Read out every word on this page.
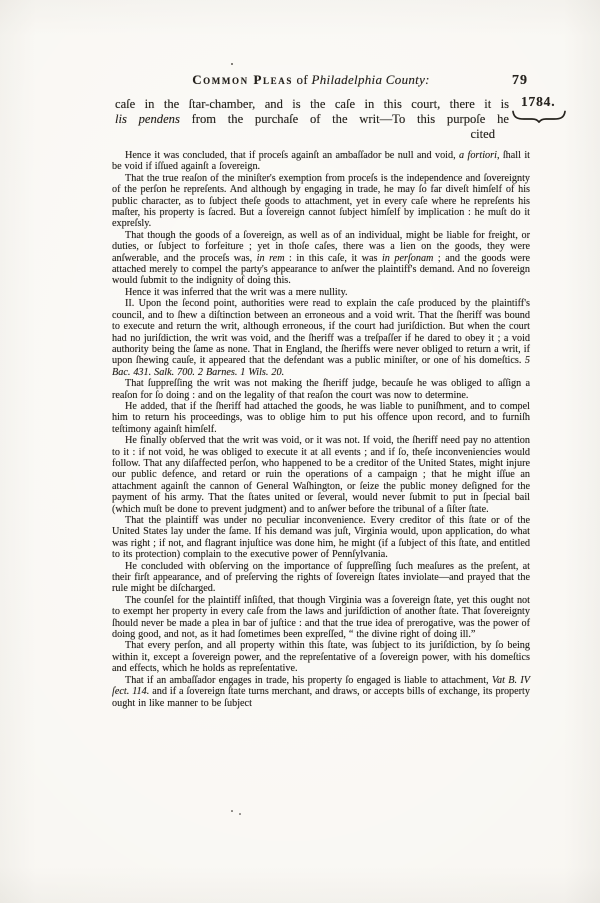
Common Pleas of Philadelphia County:	79
1784.
caſe in the ſtar-chamber, and is the caſe in this court, there it is
lis pendens from the purchaſe of the writ—To this purpoſe he
cited

Hence it was concluded, that if proceſs againſt an ambaſſador be null and void, a fortiori, ſhall it be void if iſſued againſt a ſovereign.

That the true reaſon of the miniſter's exemption from proceſs is the independence and ſovereignty of the perſon he repreſents. And although by engaging in trade, he may ſo far diveſt himſelf of his public character, as to ſubject theſe goods to attachment, yet in every caſe where he repreſents his maſter, his property is ſacred. But a ſovereign cannot ſubject himſelf by implication : he muſt do it expreſsly.

That though the goods of a ſovereign, as well as of an individual, might be liable for freight, or duties, or ſubject to forfeiture ; yet in thoſe caſes, there was a lien on the goods, they were anſwerable, and the proceſs was, in rem : in this caſe, it was in perſonam ; and the goods were attached merely to compel the party's appearance to anſwer the plaintiff's demand. And no ſovereign would ſubmit to the indignity of doing this.

Hence it was inferred that the writ was a mere nullity.

II. Upon the ſecond point, authorities were read to explain the caſe produced by the plaintiff's council, and to ſhew a diſtinction between an erroneous and a void writ. That the ſheriff was bound to execute and return the writ, although erroneous, if the court had juriſdiction. But when the court had no juriſdiction, the writ was void, and the ſheriff was a treſpaſſer if he dared to obey it ; a void authority being the ſame as none. That in England, the ſheriffs were never obliged to return a writ, if upon ſhewing cauſe, it appeared that the defendant was a public miniſter, or one of his domeſtics. 5 Bac. 431. Salk. 700. 2 Barnes. 1 Wils. 20.

That ſuppreſſing the writ was not making the ſheriff judge, becauſe he was obliged to aſſign a reaſon for ſo doing : and on the legality of that reaſon the court was now to determine.

He added, that if the ſheriff had attached the goods, he was liable to puniſhment, and to compel him to return his proceedings, was to oblige him to put his offence upon record, and to furniſh teſtimony againſt himſelf.

He finally obſerved that the writ was void, or it was not. If void, the ſheriff need pay no attention to it : if not void, he was obliged to execute it at all events ; and if ſo, theſe inconveniencies would follow. That any diſaffected perſon, who happened to be a creditor of the United States, might injure our public defence, and retard or ruin the operations of a campaign ; that he might iſſue an attachment againſt the cannon of General Waſhington, or ſeize the public money deſigned for the payment of his army. That the ſtates united or ſeveral, would never ſubmit to put in ſpecial bail (which muſt be done to prevent judgment) and to anſwer before the tribunal of a ſiſter ſtate.

That the plaintiff was under no peculiar inconvenience. Every creditor of this ſtate or of the United States lay under the ſame. If his demand was juſt, Virginia would, upon application, do what was right ; if not, and flagrant injuſtice was done him, he might (if a ſubject of this ſtate, and entitled to its protection) complain to the executive power of Pennſylvania.

He concluded with obſerving on the importance of ſuppreſſing ſuch meaſures as the preſent, at their firſt appearance, and of preſerving the rights of ſovereign ſtates inviolate—and prayed that the rule might be diſcharged.

The counſel for the plaintiff inſiſted, that though Virginia was a ſovereign ſtate, yet this ought not to exempt her property in every caſe from the laws and juriſdiction of another ſtate. That ſovereignty ſhould never be made a plea in bar of juſtice : and that the true idea of prerogative, was the power of doing good, and not, as it had ſometimes been expreſſed, “ the divine right of doing ill.”

That every perſon, and all property within this ſtate, was ſubject to its juriſdiction, by ſo being within it, except a ſovereign power, and the repreſentative of a ſovereign power, with his domeſtics and effects, which he holds as repreſentative.

That if an ambaſſador engages in trade, his property ſo engaged is liable to attachment, Vat B. IV ſect. 114. and if a ſovereign ſtate turns merchant, and draws, or accepts bills of exchange, its property ought in like manner to be ſubject
